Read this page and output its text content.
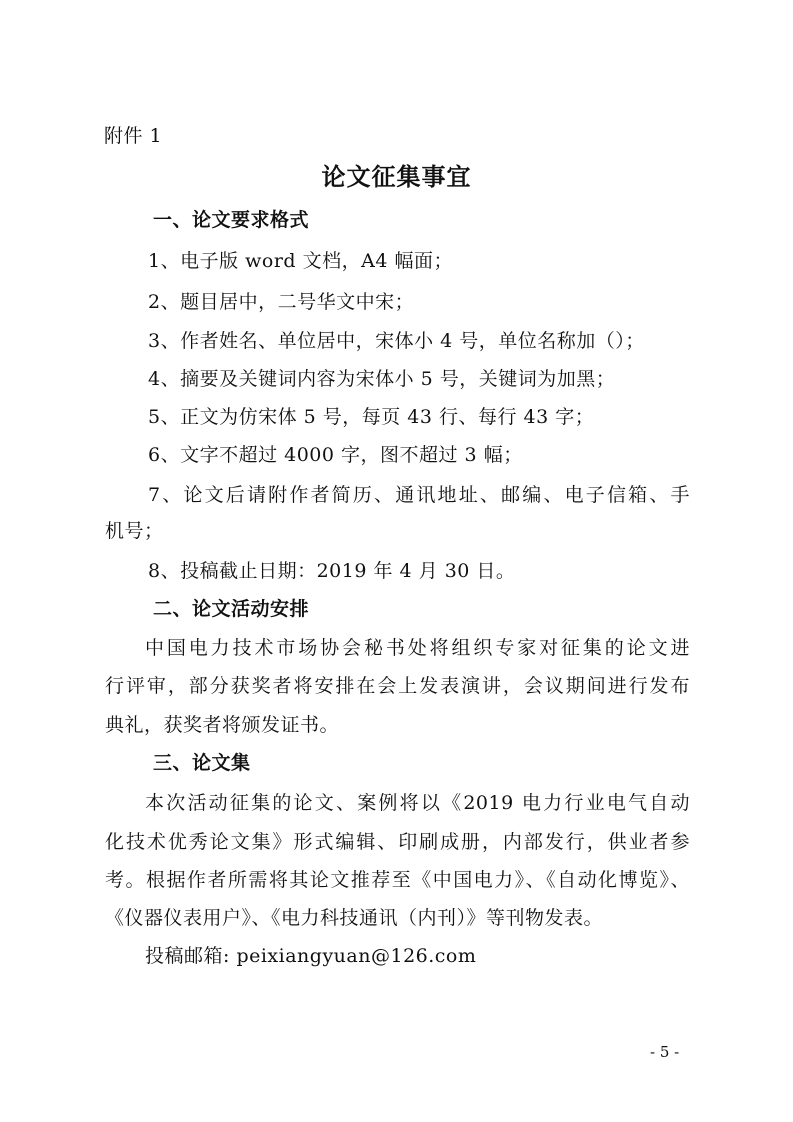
附件 1
论文征集事宜
一、论文要求格式
1、电子版 word 文档，A4 幅面；
2、题目居中，二号华文中宋；
3、作者姓名、单位居中，宋体小 4 号，单位名称加（）；
4、摘要及关键词内容为宋体小 5 号，关键词为加黑；
5、正文为仿宋体 5 号，每页 43 行、每行 43 字；
6、文字不超过 4000 字，图不超过 3 幅；
7、论文后请附作者简历、通讯地址、邮编、电子信箱、手
机号；
8、投稿截止日期：2019 年 4 月 30 日。
二、论文活动安排
中国电力技术市场协会秘书处将组织专家对征集的论文进
行评审，部分获奖者将安排在会上发表演讲，会议期间进行发布
典礼，获奖者将颁发证书。
三、论文集
本次活动征集的论文、案例将以《2019 电力行业电气自动
化技术优秀论文集》形式编辑、印刷成册，内部发行，供业者参
考。根据作者所需将其论文推荐至《中国电力》、《自动化博览》、
《仪器仪表用户》、《电力科技通讯（内刊）》等刊物发表。
投稿邮箱: peixiangyuan@126.com
- 5 -
